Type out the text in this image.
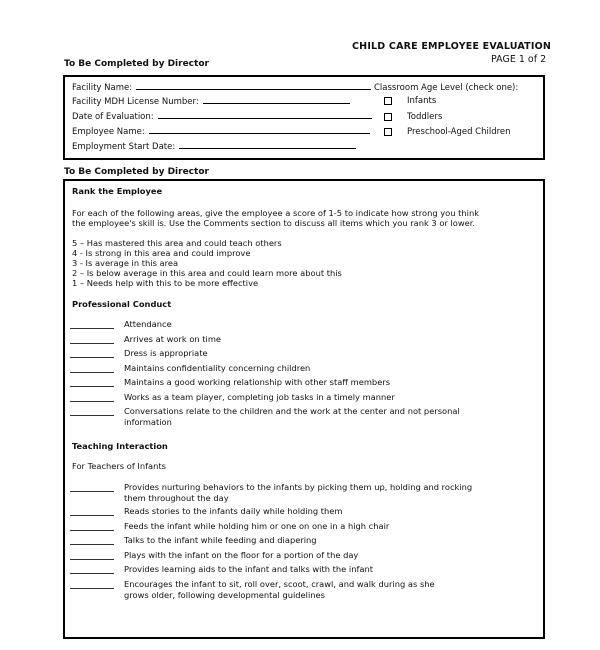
CHILD CARE EMPLOYEE EVALUATION
PAGE 1 of 2
To Be Completed by Director
Facility Name:
Facility MDH License Number:
Date of Evaluation:
Employee Name:
Employment Start Date:
Classroom Age Level (check one):
Infants
Toddlers
Preschool-Aged Children
To Be Completed by Director
Rank the Employee
For each of the following areas, give the employee a score of 1-5 to indicate how strong you think
the employee's skill is. Use the Comments section to discuss all items which you rank 3 or lower.
5 – Has mastered this area and could teach others
4 - Is strong in this area and could improve
3 - Is average in this area
2 – Is below average in this area and could learn more about this
1 – Needs help with this to be more effective
Professional Conduct
Attendance
Arrives at work on time
Dress is appropriate
Maintains confidentiality concerning children
Maintains a good working relationship with other staff members
Works as a team player, completing job tasks in a timely manner
Conversations relate to the children and the work at the center and not personal
information
Teaching Interaction
For Teachers of Infants
Provides nurturing behaviors to the infants by picking them up, holding and rocking
them throughout the day
Reads stories to the infants daily while holding them
Feeds the infant while holding him or one on one in a high chair
Talks to the infant while feeding and diapering
Plays with the infant on the floor for a portion of the day
Provides learning aids to the infant and talks with the infant
Encourages the infant to sit, roll over, scoot, crawl, and walk during as she
grows older, following developmental guidelines
